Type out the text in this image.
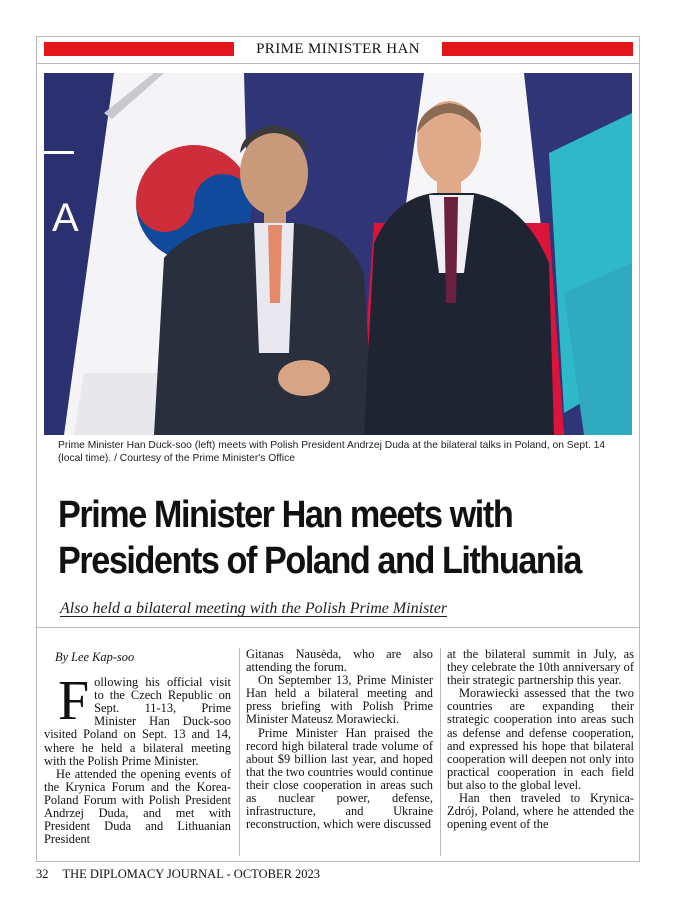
PRIME MINISTER HAN
A
Prime Minister Han Duck-soo (left) meets with Polish President Andrzej Duda at the bilateral talks in Poland, on Sept. 14 (local time). / Courtesy of the Prime Minister's Office
Prime Minister Han meets with
Presidents of Poland and Lithuania
Also held a bilateral meeting with the Polish Prime Minister

By Lee Kap-soo

F ollowing his official visit to the Czech Republic on Sept. 11-13, Prime Minister Han Duck-soo visited Poland on Sept. 13 and 14, where he held a bilateral meeting with the Polish Prime Minister.

He attended the opening events of the Krynica Forum and the Korea-Poland Forum with Polish President Andrzej Duda, and met with President Duda and Lithuanian President

Gitanas Nausėda, who are also attending the forum.

On September 13, Prime Minister Han held a bilateral meeting and press briefing with Polish Prime Minister Mateusz Morawiecki.

Prime Minister Han praised the record high bilateral trade volume of about $9 billion last year, and hoped that the two countries would continue their close cooperation in areas such as nuclear power, defense, infrastructure, and Ukraine reconstruction, which were discussed

at the bilateral summit in July, as they celebrate the 10th anniversary of their strategic partnership this year.

Morawiecki assessed that the two countries are expanding their strategic cooperation into areas such as defense and defense cooperation, and expressed his hope that bilateral cooperation will deepen not only into practical cooperation in each field but also to the global level.

Han then traveled to Krynica-Zdrój, Poland, where he attended the opening event of the

32 THE DIPLOMACY JOURNAL - OCTOBER 2023
